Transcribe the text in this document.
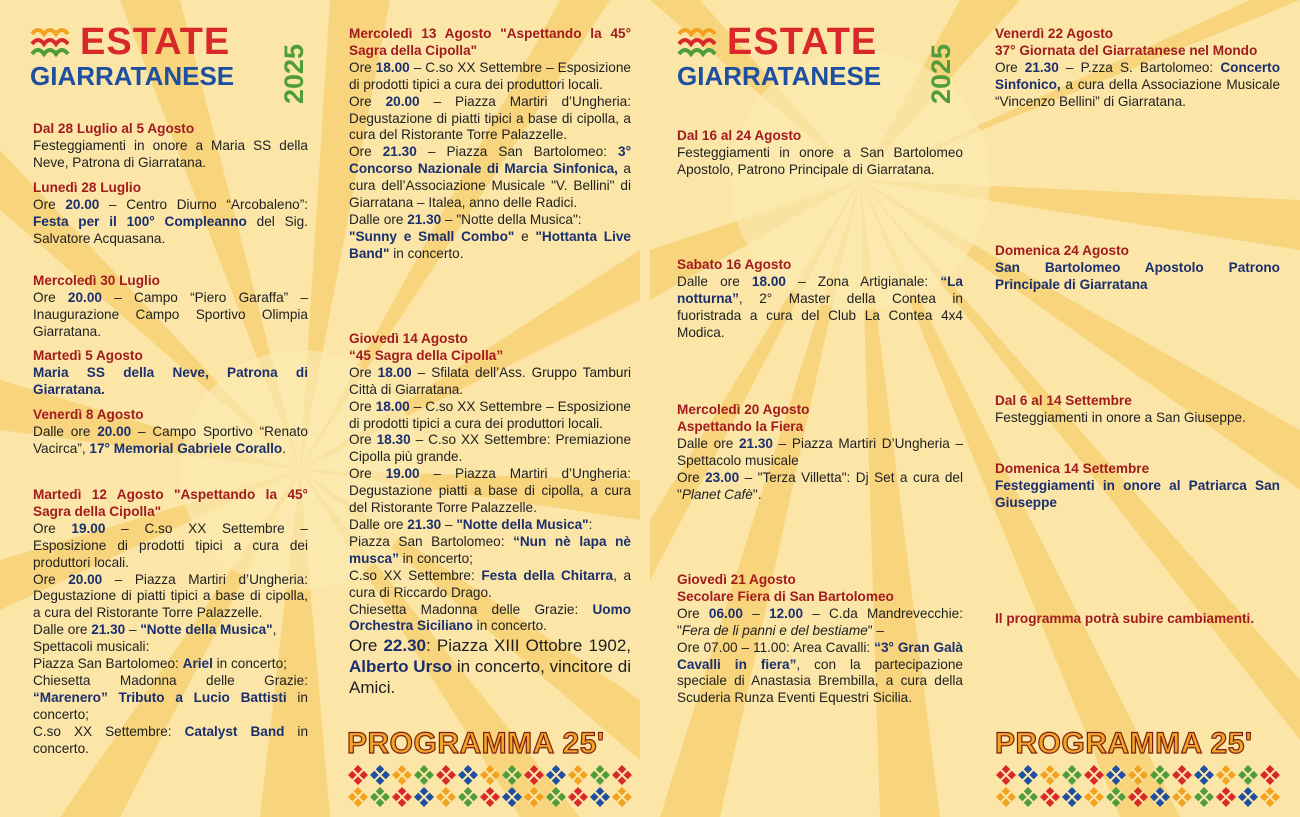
ESTATE
GIARRATANESE 2025

Dal 28 Luglio al 5 Agosto

Festeggiamenti in onore a Maria SS della Neve, Patrona di Giarratana.

Lunedì 28 Luglio

Ore 20.00 – Centro Diurno “Arcobaleno”: Festa per il 100° Compleanno del Sig. Salvatore Acquasana.

Mercoledì 30 Luglio

Ore 20.00 – Campo “Piero Garaffa” – Inaugurazione Campo Sportivo Olimpia Giarratana.

Martedì 5 Agosto

Maria SS della Neve, Patrona di Giarratana.

Venerdì 8 Agosto

Dalle ore 20.00 – Campo Sportivo “Renato Vacirca”, 17° Memorial Gabriele Corallo.

Martedì 12 Agosto "Aspettando la 45° Sagra della Cipolla"

Ore 19.00 – C.so XX Settembre – Esposizione di prodotti tipici a cura dei produttori locali.

Ore 20.00 – Piazza Martiri d’Ungheria: Degustazione di piatti tipici a base di cipolla, a cura del Ristorante Torre Palazzelle.

Dalle ore 21.30 – "Notte della Musica",

Spettacoli musicali:

Piazza San Bartolomeo: Ariel in concerto;

Chiesetta Madonna delle Grazie: “Marenero” Tributo a Lucio Battisti in concerto;

C.so XX Settembre: Catalyst Band in concerto.

Mercoledì 13 Agosto "Aspettando la 45° Sagra della Cipolla"

Ore 18.00 – C.so XX Settembre – Esposizione di prodotti tipici a cura dei produttori locali.

Ore 20.00 – Piazza Martiri d’Ungheria: Degustazione di piatti tipici a base di cipolla, a cura del Ristorante Torre Palazzelle.

Ore 21.30 – Piazza San Bartolomeo: 3° Concorso Nazionale di Marcia Sinfonica, a cura dell’Associazione Musicale "V. Bellini" di Giarratana – Italea, anno delle Radici.

Dalle ore 21.30 – "Notte della Musica":

"Sunny e Small Combo" e "Hottanta Live Band" in concerto.

Giovedì 14 Agosto

“45 Sagra della Cipolla”

Ore 18.00 – Sfilata dell’Ass. Gruppo Tamburi Città di Giarratana.

Ore 18.00 – C.so XX Settembre – Esposizione di prodotti tipici a cura dei produttori locali.

Ore 18.30 – C.so XX Settembre: Premiazione Cipolla più grande.

Ore 19.00 – Piazza Martiri d’Ungheria: Degustazione piatti a base di cipolla, a cura del Ristorante Torre Palazzelle.

Dalle ore 21.30 – "Notte della Musica":

Piazza San Bartolomeo: “Nun nè lapa nè musca” in concerto;

C.so XX Settembre: Festa della Chitarra, a cura di Riccardo Drago.

Chiesetta Madonna delle Grazie: Uomo Orchestra Siciliano in concerto.

Ore 22.30: Piazza XIII Ottobre 1902, Alberto Urso in concerto, vincitore di Amici.

PROGRAMMA 25'
ESTATE
GIARRATANESE 2025

Dal 16 al 24 Agosto

Festeggiamenti in onore a San Bartolomeo Apostolo, Patrono Principale di Giarratana.

Sabato 16 Agosto

Dalle ore 18.00 – Zona Artigianale: “La notturna”, 2° Master della Contea in fuoristrada a cura del Club La Contea 4x4 Modica.

Mercoledì 20 Agosto

Aspettando la Fiera

Dalle ore 21.30 – Piazza Martiri D’Ungheria – Spettacolo musicale

Ore 23.00 – "Terza Villetta": Dj Set a cura del "Planet Cafè".

Giovedì 21 Agosto

Secolare Fiera di San Bartolomeo

Ore 06.00 – 12.00 – C.da Mandrevecchie: "Fera de li panni e del bestiame" –

Ore 07.00 – 11.00: Area Cavalli: “3° Gran Galà Cavalli in fiera”, con la partecipazione speciale di Anastasia Brembilla, a cura della Scuderia Runza Eventi Equestri Sicilia.

Venerdì 22 Agosto

37° Giornata del Giarratanese nel Mondo

Ore 21.30 – P.zza S. Bartolomeo: Concerto Sinfonico, a cura della Associazione Musicale “Vincenzo Bellini” di Giarratana.

Domenica 24 Agosto

San Bartolomeo Apostolo Patrono Principale di Giarratana

Dal 6 al 14 Settembre

Festeggiamenti in onore a San Giuseppe.

Domenica 14 Settembre

Festeggiamenti in onore al Patriarca San Giuseppe

Il programma potrà subire cambiamenti.

PROGRAMMA 25'
